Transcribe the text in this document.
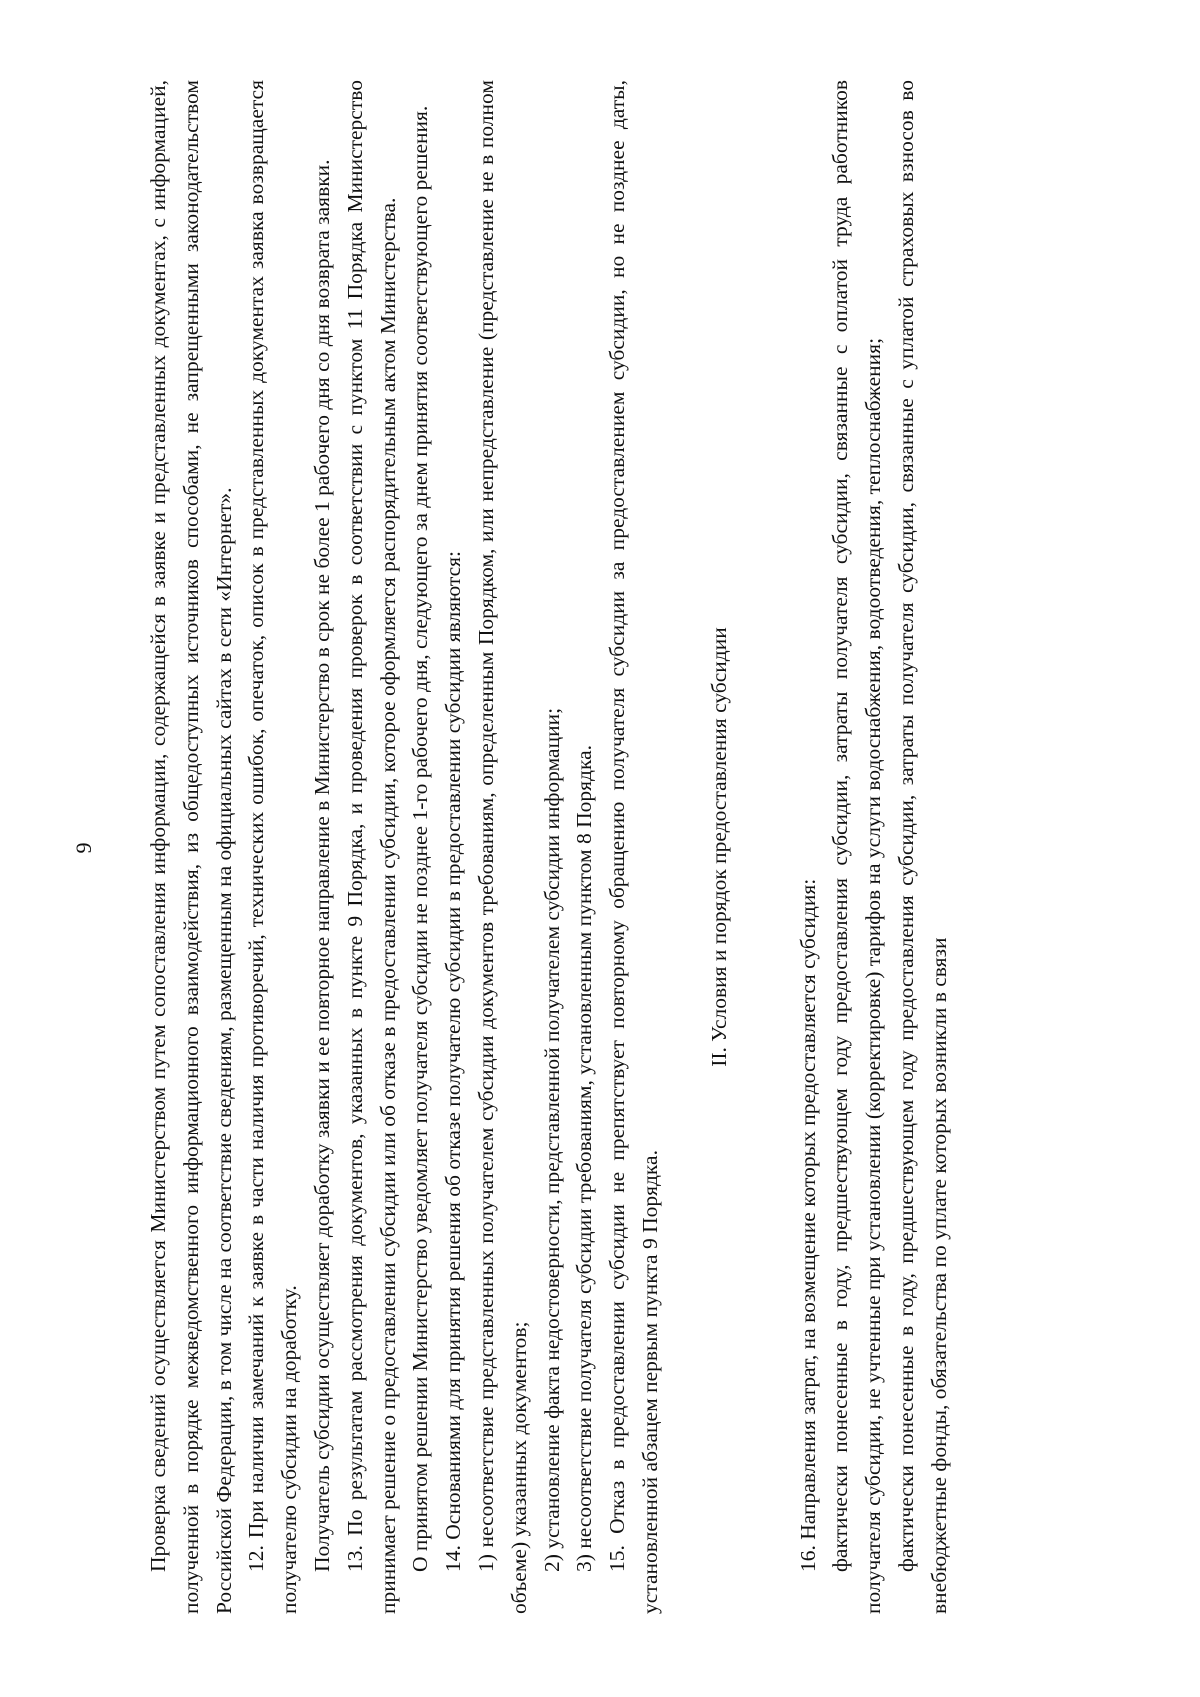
9 Проверка сведений осуществляется Министерством путем сопоставления информации, содержащейся в заявке и представленных документах, с информацией, полученной в порядке межведомственного информационного взаимодействия, из общедоступных источников способами, не запрещенными законодательством Российской Федерации, в том числе на соответствие сведениям, размещенным на официальных сайтах в сети «Интернет». 12. При наличии замечаний к заявке в части наличия противоречий, технических ошибок, опечаток, описок в представленных документах заявка возвращается получателю субсидии на доработку. Получатель субсидии осуществляет доработку заявки и ее повторное направление в Министерство в срок не более 1 рабочего дня со дня возврата заявки. 13. По результатам рассмотрения документов, указанных в пункте 9 Порядка, и проведения проверок в соответствии с пунктом 11 Порядка Министерство принимает решение о предоставлении субсидии или об отказе в предоставлении субсидии, которое оформляется распорядительным актом Министерства. О принятом решении Министерство уведомляет получателя субсидии не позднее 1-го рабочего дня, следующего за днем принятия соответствующего решения. 14. Основаниями для принятия решения об отказе получателю субсидии в предоставлении субсидии являются: 1) несоответствие представленных получателем субсидии документов требованиям, определенным Порядком, или непредставление (представление не в полном объеме) указанных документов; 2) установление факта недостоверности, представленной получателем субсидии информации; 3) несоответствие получателя субсидии требованиям, установленным пунктом 8 Порядка. 15. Отказ в предоставлении субсидии не препятствует повторному обращению получателя субсидии за предоставлением субсидии, но не позднее даты, установленной абзацем первым пункта 9 Порядка.

II. Условия и порядок предоставления субсидии

16. Направления затрат, на возмещение которых предоставляется субсидия: фактически понесенные в году, предшествующем году предоставления субсидии, затраты получателя субсидии, связанные с оплатой труда работников получателя субсидии, не учтенные при установлении (корректировке) тарифов на услуги водоснабжения, водоотведения, теплоснабжения; фактически понесенные в году, предшествующем году предоставления субсидии, затраты получателя субсидии, связанные с уплатой страховых взносов во внебюджетные фонды, обязательства по уплате которых возникли в связи
